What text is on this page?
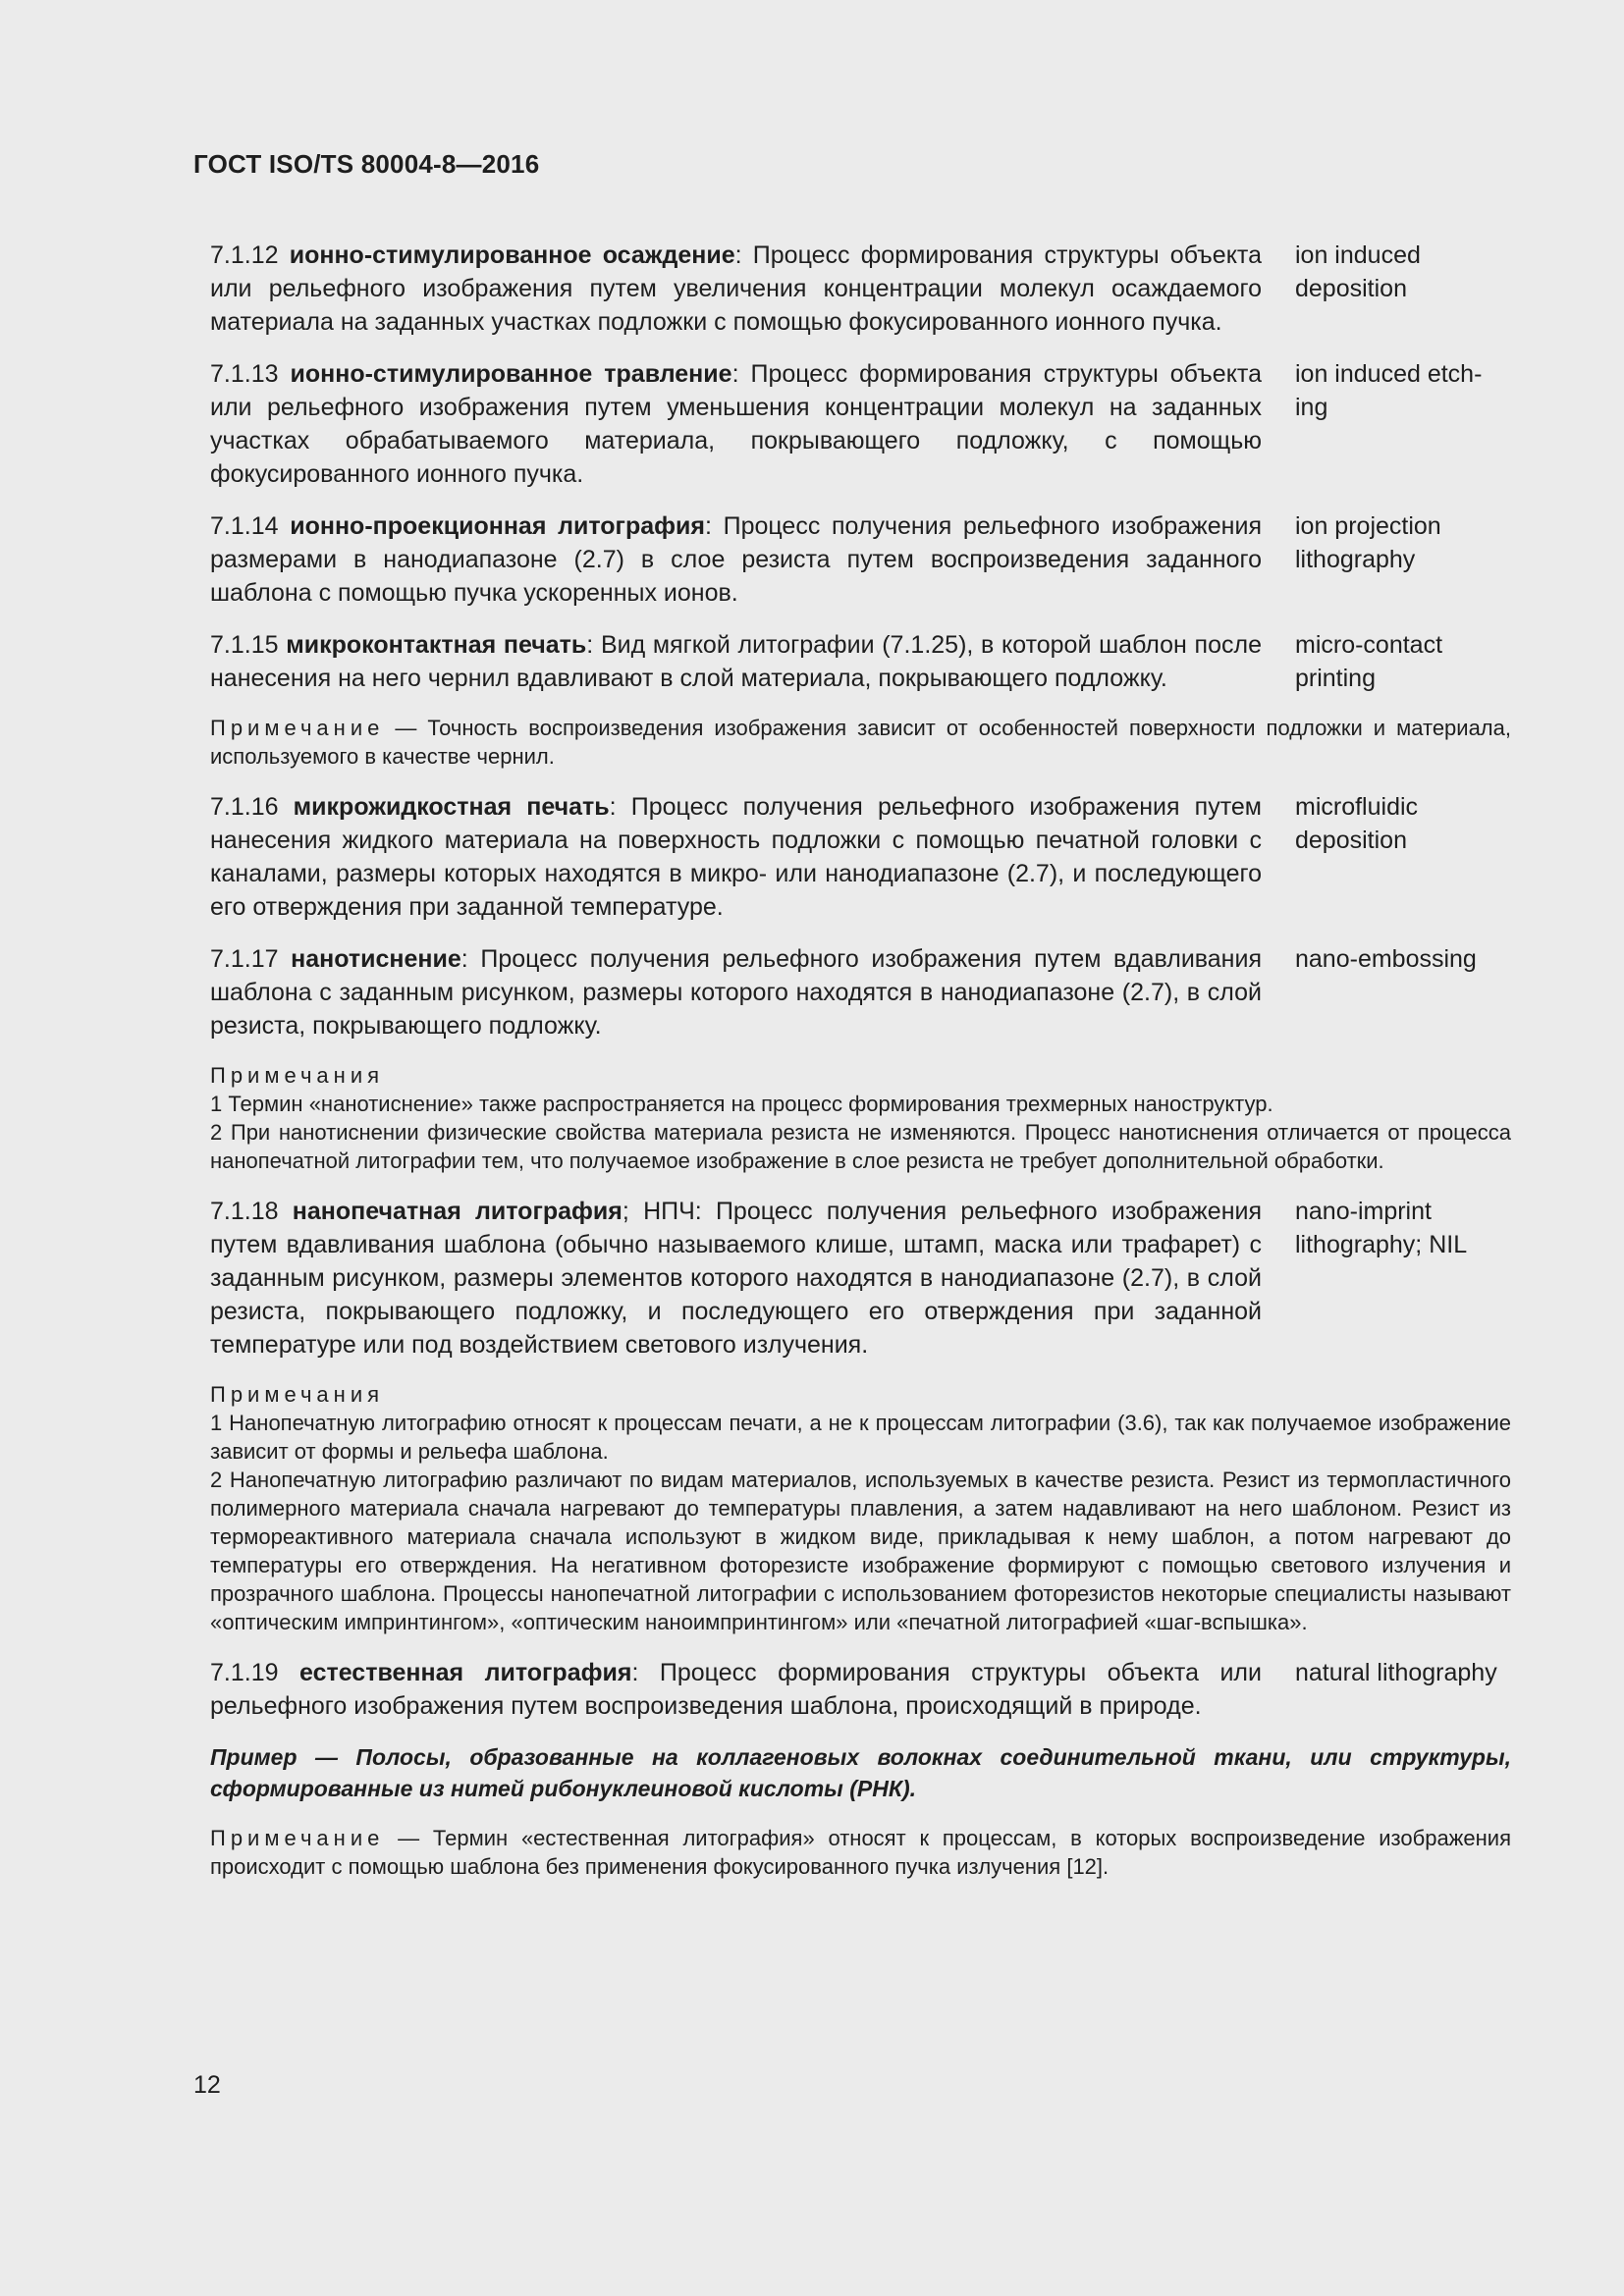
ГОСТ ISO/TS 80004-8—2016
7.1.12 ионно-стимулированное осаждение: Процесс формирования структуры объекта или рельефного изображения путем увеличения концентрации молекул осаждаемого материала на заданных участках подложки с помощью фокусированного ионного пучка.
ion induced
deposition
7.1.13 ионно-стимулированное травление: Процесс формирования структуры объекта или рельефного изображения путем уменьшения концентрации молекул на заданных участках обрабатываемого материала, покрывающего подложку, с помощью фокусированного ионного пучка.
ion induced etch-
ing
7.1.14 ионно-проекционная литография: Процесс получения рельефного изображения размерами в нанодиапазоне (2.7) в слое резиста путем воспроизведения заданного шаблона с помощью пучка ускоренных ионов.
ion projection
lithography
7.1.15 микроконтактная печать: Вид мягкой литографии (7.1.25), в которой шаблон после нанесения на него чернил вдавливают в слой материала, покрывающего подложку.
micro-contact
printing
Примечание — Точность воспроизведения изображения зависит от особенностей поверхности подложки и материала, используемого в качестве чернил.
7.1.16 микрожидкостная печать: Процесс получения рельефного изображения путем нанесения жидкого материала на поверхность подложки с помощью печатной головки с каналами, размеры которых находятся в микро- или нанодиапазоне (2.7), и последующего его отверждения при заданной температуре.
microfluidic
deposition
7.1.17 нанотиснение: Процесс получения рельефного изображения путем вдавливания шаблона с заданным рисунком, размеры которого находятся в нанодиапазоне (2.7), в слой резиста, покрывающего подложку.
nano-embossing
Примечания
1 Термин «нанотиснение» также распространяется на процесс формирования трехмерных наноструктур.
2 При нанотиснении физические свойства материала резиста не изменяются. Процесс нанотиснения отличается от процесса нанопечатной литографии тем, что получаемое изображение в слое резиста не требует дополнительной обработки.
7.1.18 нанопечатная литография; НПЧ: Процесс получения рельефного изображения путем вдавливания шаблона (обычно называемого клише, штамп, маска или трафарет) с заданным рисунком, размеры элементов которого находятся в нанодиапазоне (2.7), в слой резиста, покрывающего подложку, и последующего его отверждения при заданной температуре или под воздействием светового излучения.
nano-imprint
lithography; NIL
Примечания
1 Нанопечатную литографию относят к процессам печати, а не к процессам литографии (3.6), так как получаемое изображение зависит от формы и рельефа шаблона.
2 Нанопечатную литографию различают по видам материалов, используемых в качестве резиста. Резист из термопластичного полимерного материала сначала нагревают до температуры плавления, а затем надавливают на него шаблоном. Резист из термореактивного материала сначала используют в жидком виде, прикладывая к нему шаблон, а потом нагревают до температуры его отверждения. На негативном фоторезисте изображение формируют с помощью светового излучения и прозрачного шаблона. Процессы нанопечатной литографии с использованием фоторезистов некоторые специалисты называют «оптическим импринтингом», «оптическим наноимпринтингом» или «печатной литографией «шаг-вспышка».
7.1.19 естественная литография: Процесс формирования структуры объекта или рельефного изображения путем воспроизведения шаблона, происходящий в природе.
natural lithography
Пример — Полосы, образованные на коллагеновых волокнах соединительной ткани, или структуры, сформированные из нитей рибонуклеиновой кислоты (РНК).
Примечание — Термин «естественная литография» относят к процессам, в которых воспроизведение изображения происходит с помощью шаблона без применения фокусированного пучка излучения [12].
12
